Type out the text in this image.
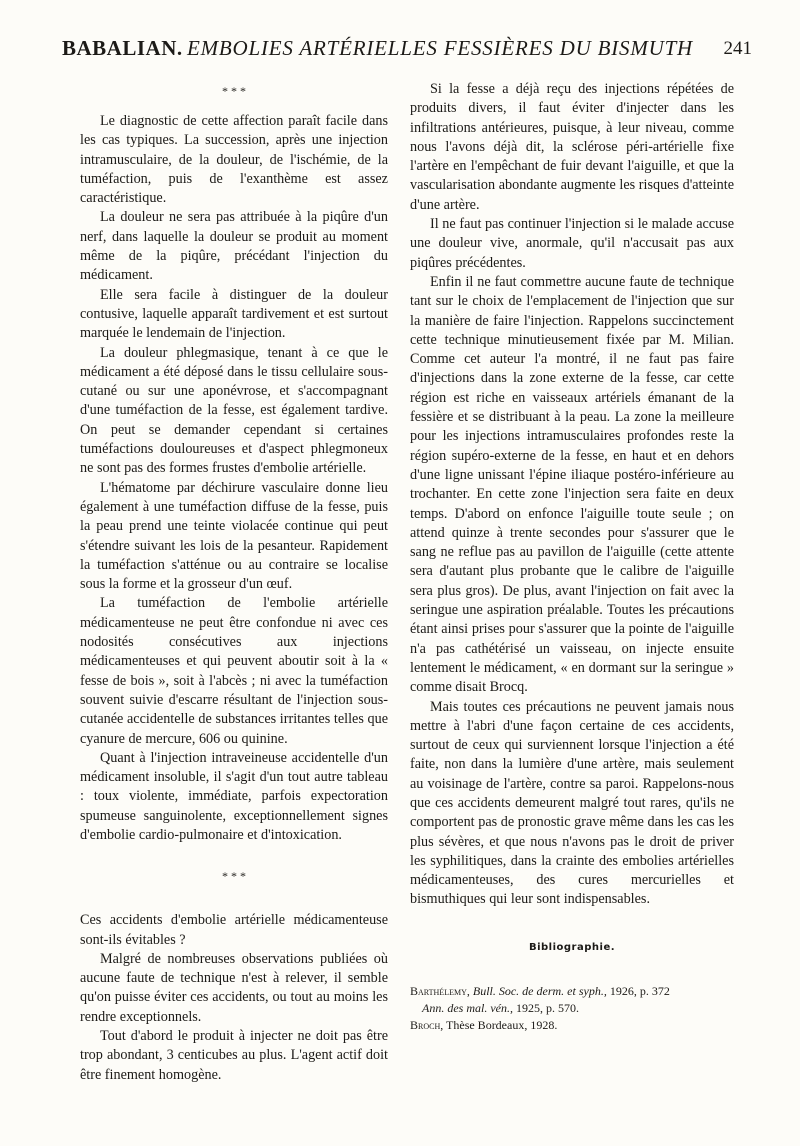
BABALIAN. EMBOLIES ARTÉRIELLES FESSIÈRES DU BISMUTH 241
* * *

Le diagnostic de cette affection paraît facile dans les cas typiques. La succession, après une injection intramusculaire, de la douleur, de l'ischémie, de la tuméfaction, puis de l'exanthème est assez caractéristique.

La douleur ne sera pas attribuée à la piqûre d'un nerf, dans laquelle la douleur se produit au moment même de la piqûre, précédant l'injection du médicament.

Elle sera facile à distinguer de la douleur contusive, laquelle apparaît tardivement et est surtout marquée le lendemain de l'injection.

La douleur phlegmasique, tenant à ce que le médicament a été déposé dans le tissu cellulaire sous-cutané ou sur une aponévrose, et s'accompagnant d'une tuméfaction de la fesse, est également tardive. On peut se demander cependant si certaines tuméfactions douloureuses et d'aspect phlegmoneux ne sont pas des formes frustes d'embolie artérielle.

L'hématome par déchirure vasculaire donne lieu également à une tuméfaction diffuse de la fesse, puis la peau prend une teinte violacée continue qui peut s'étendre suivant les lois de la pesanteur. Rapidement la tuméfaction s'atténue ou au contraire se localise sous la forme et la grosseur d'un œuf.

La tuméfaction de l'embolie artérielle médicamenteuse ne peut être confondue ni avec ces nodosités consécutives aux injections médicamenteuses et qui peuvent aboutir soit à la « fesse de bois », soit à l'abcès ; ni avec la tuméfaction souvent suivie d'escarre résultant de l'injection sous-cutanée accidentelle de substances irritantes telles que cyanure de mercure, 606 ou quinine.

Quant à l'injection intraveineuse accidentelle d'un médicament insoluble, il s'agit d'un tout autre tableau : toux violente, immédiate, parfois expectoration spumeuse sanguinolente, exceptionnellement signes d'embolie cardio-pulmonaire et d'intoxication.

* * *

Ces accidents d'embolie artérielle médicamenteuse sont-ils évitables ?

Malgré de nombreuses observations publiées où aucune faute de technique n'est à relever, il semble qu'on puisse éviter ces accidents, ou tout au moins les rendre exceptionnels.

Tout d'abord le produit à injecter ne doit pas être trop abondant, 3 centicubes au plus. L'agent actif doit être finement homogène.

Si la fesse a déjà reçu des injections répétées de produits divers, il faut éviter d'injecter dans les infiltrations antérieures, puisque, à leur niveau, comme nous l'avons déjà dit, la sclérose péri-artérielle fixe l'artère en l'empêchant de fuir devant l'aiguille, et que la vascularisation abondante augmente les risques d'atteinte d'une artère.

Il ne faut pas continuer l'injection si le malade accuse une douleur vive, anormale, qu'il n'accusait pas aux piqûres précédentes.

Enfin il ne faut commettre aucune faute de technique tant sur le choix de l'emplacement de l'injection que sur la manière de faire l'injection. Rappelons succinctement cette technique minutieusement fixée par M. Milian. Comme cet auteur l'a montré, il ne faut pas faire d'injections dans la zone externe de la fesse, car cette région est riche en vaisseaux artériels émanant de la fessière et se distribuant à la peau. La zone la meilleure pour les injections intramusculaires profondes reste la région supéro-externe de la fesse, en haut et en dehors d'une ligne unissant l'épine iliaque postéro-inférieure au trochanter. En cette zone l'injection sera faite en deux temps. D'abord on enfonce l'aiguille toute seule ; on attend quinze à trente secondes pour s'assurer que le sang ne reflue pas au pavillon de l'aiguille (cette attente sera d'autant plus probante que le calibre de l'aiguille sera plus gros). De plus, avant l'injection on fait avec la seringue une aspiration préalable. Toutes les précautions étant ainsi prises pour s'assurer que la pointe de l'aiguille n'a pas cathétérisé un vaisseau, on injecte ensuite lentement le médicament, « en dormant sur la seringue » comme disait Brocq.

Mais toutes ces précautions ne peuvent jamais nous mettre à l'abri d'une façon certaine de ces accidents, surtout de ceux qui surviennent lorsque l'injection a été faite, non dans la lumière d'une artère, mais seulement au voisinage de l'artère, contre sa paroi. Rappelons-nous que ces accidents demeurent malgré tout rares, qu'ils ne comportent pas de pronostic grave même dans les cas les plus sévères, et que nous n'avons pas le droit de priver les syphilitiques, dans la crainte des embolies artérielles médicamenteuses, des cures mercurielles et bismuthiques qui leur sont indispensables.

Bibliographie.

Barthélemy, Bull. Soc. de derm. et syph., 1926, p. 372

Ann. des mal. vén., 1925, p. 570.

Broch, Thèse Bordeaux, 1928.
